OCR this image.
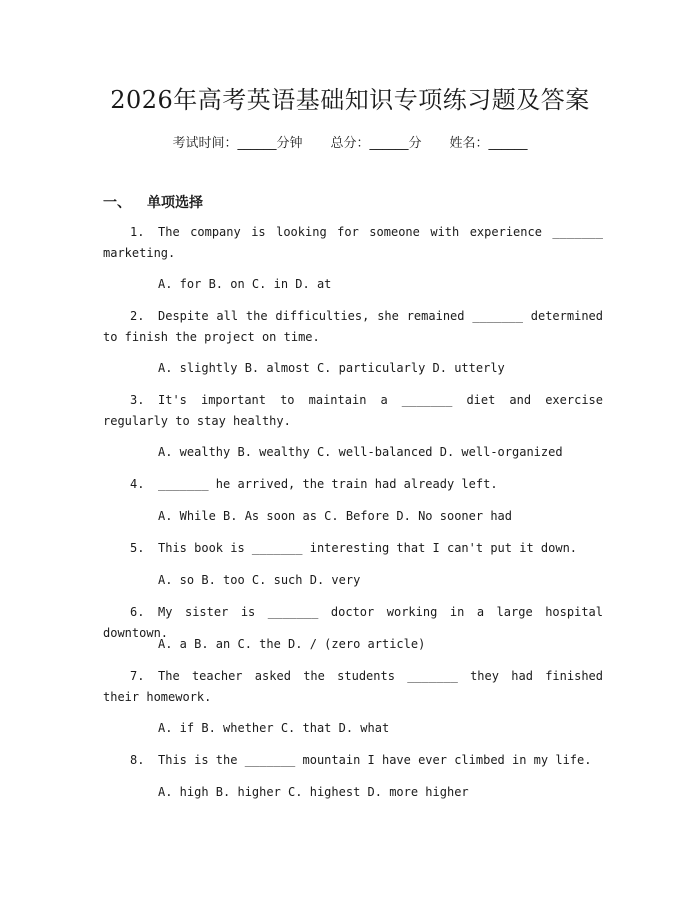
2026年高考英语基础知识专项练习题及答案
考试时间：______分钟 总分：______分 姓名：______
一、 单项选择
1. The company is looking for someone with experience _______ marketing.
A. for B. on C. in D. at
2. Despite all the difficulties, she remained _______ determined to finish the project on time.
A. slightly B. almost C. particularly D. utterly
3. It's important to maintain a _______ diet and exercise regularly to stay healthy.
A. wealthy B. wealthy C. well-balanced D. well-organized
4. _______ he arrived, the train had already left.
A. While B. As soon as C. Before D. No sooner had
5. This book is _______ interesting that I can't put it down.
A. so B. too C. such D. very
6. My sister is _______ doctor working in a large hospital downtown.
A. a B. an C. the D. / (zero article)
7. The teacher asked the students _______ they had finished their homework.
A. if B. whether C. that D. what
8. This is the _______ mountain I have ever climbed in my life.
A. high B. higher C. highest D. more higher
